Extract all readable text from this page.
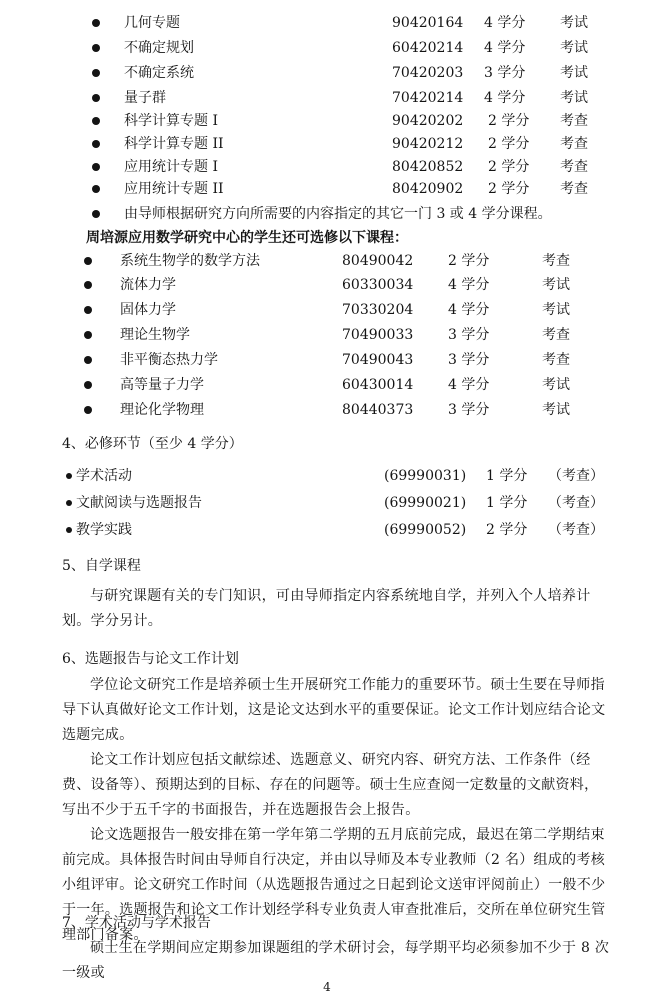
几何专题	90420164 4 学分 考试
不确定规划	60420214 4 学分 考试
不确定系统	70420203 3 学分 考试
量子群	70420214 4 学分 考试
科学计算专题 I	90420202 2 学分 考查
科学计算专题 II	90420212 2 学分 考查
应用统计专题 I	80420852 2 学分 考查
应用统计专题 II	80420902 2 学分 考查
由导师根据研究方向所需要的内容指定的其它一门 3 或 4 学分课程。
周培源应用数学研究中心的学生还可选修以下课程：
系统生物学的数学方法	80490042 2 学分	考查
流体力学	60330034 4 学分	考试
固体力学	70330204 4 学分	考试
理论生物学	70490033 3 学分	考查
非平衡态热力学	70490043 3 学分	考查
高等量子力学	60430014 4 学分	考试
理论化学物理	80440373 3 学分	考试
4、必修环节（至少 4 学分）
学术活动	(69990031) 1 学分 （考查）
文献阅读与选题报告	(69990021) 1 学分 （考查）
教学实践	(69990052) 2 学分 （考查）
5、自学课程

与研究课题有关的专门知识，可由导师指定内容系统地自学，并列入个人培养计划。学分另计。

6、选题报告与论文工作计划

学位论文研究工作是培养硕士生开展研究工作能力的重要环节。硕士生要在导师指导下认真做好论文工作计划，这是论文达到水平的重要保证。论文工作计划应结合论文选题完成。

论文工作计划应包括文献综述、选题意义、研究内容、研究方法、工作条件（经费、设备等）、预期达到的目标、存在的问题等。硕士生应查阅一定数量的文献资料，写出不少于五千字的书面报告，并在选题报告会上报告。

论文选题报告一般安排在第一学年第二学期的五月底前完成，最迟在第二学期结束前完成。具体报告时间由导师自行决定，并由以导师及本专业教师（2 名）组成的考核小组评审。论文研究工作时间（从选题报告通过之日起到论文送审评阅前止）一般不少于一年。选题报告和论文工作计划经学科专业负责人审查批准后，交所在单位研究生管理部门备案。

7、学术活动与学术报告

硕士生在学期间应定期参加课题组的学术研讨会，每学期平均必须参加不少于 8 次一级或

4
